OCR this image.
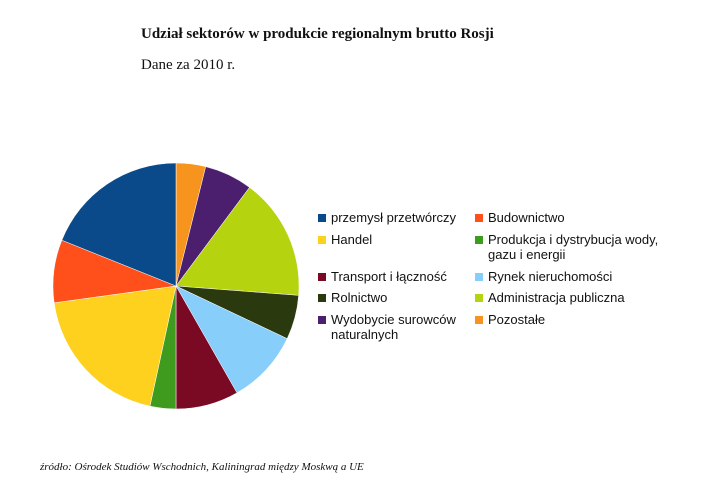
Udział sektorów w produkcie regionalnym brutto Rosji
Dane za 2010 r.
przemysł przetwórczy Budownictwo
Handel	Produkcja i dystrybucja wody, gazu i energii
Transport i łączność	Rynek nieruchomości
Rolnictwo	Administracja publiczna
Wydobycie surowców naturalnych
Pozostałe
źródło: Ośrodek Studiów Wschodnich, Kaliningrad między Moskwą a UE
